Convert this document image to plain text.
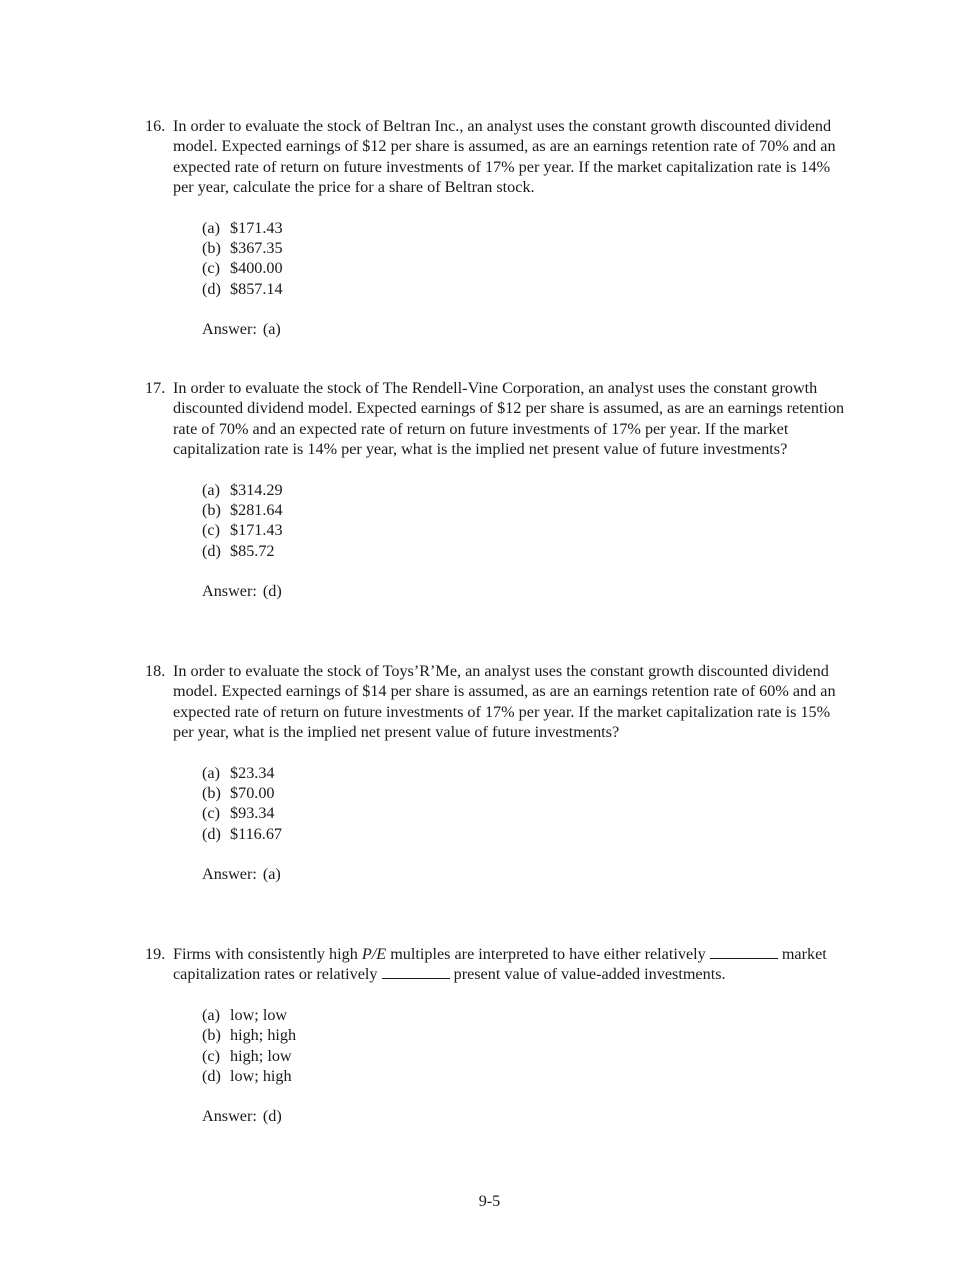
16. In order to evaluate the stock of Beltran Inc., an analyst uses the constant growth discounted dividend model. Expected earnings of $12 per share is assumed, as are an earnings retention rate of 70% and an expected rate of return on future investments of 17% per year. If the market capitalization rate is 14% per year, calculate the price for a share of Beltran stock.
(a) $171.43
(b) $367.35
(c) $400.00
(d) $857.14
Answer: (a)
17. In order to evaluate the stock of The Rendell-Vine Corporation, an analyst uses the constant growth discounted dividend model. Expected earnings of $12 per share is assumed, as are an earnings retention rate of 70% and an expected rate of return on future investments of 17% per year. If the market capitalization rate is 14% per year, what is the implied net present value of future investments?
(a) $314.29
(b) $281.64
(c) $171.43
(d) $85.72
Answer: (d)
18. In order to evaluate the stock of Toys’R’Me, an analyst uses the constant growth discounted dividend model. Expected earnings of $14 per share is assumed, as are an earnings retention rate of 60% and an expected rate of return on future investments of 17% per year. If the market capitalization rate is 15% per year, what is the implied net present value of future investments?
(a) $23.34
(b) $70.00
(c) $93.34
(d) $116.67
Answer: (a)
19. Firms with consistently high P/E multiples are interpreted to have either relatively	market capitalization rates or relatively	present value of value-added investments.
(a) low; low
(b) high; high
(c) high; low
(d) low; high
Answer: (d)
9-5
